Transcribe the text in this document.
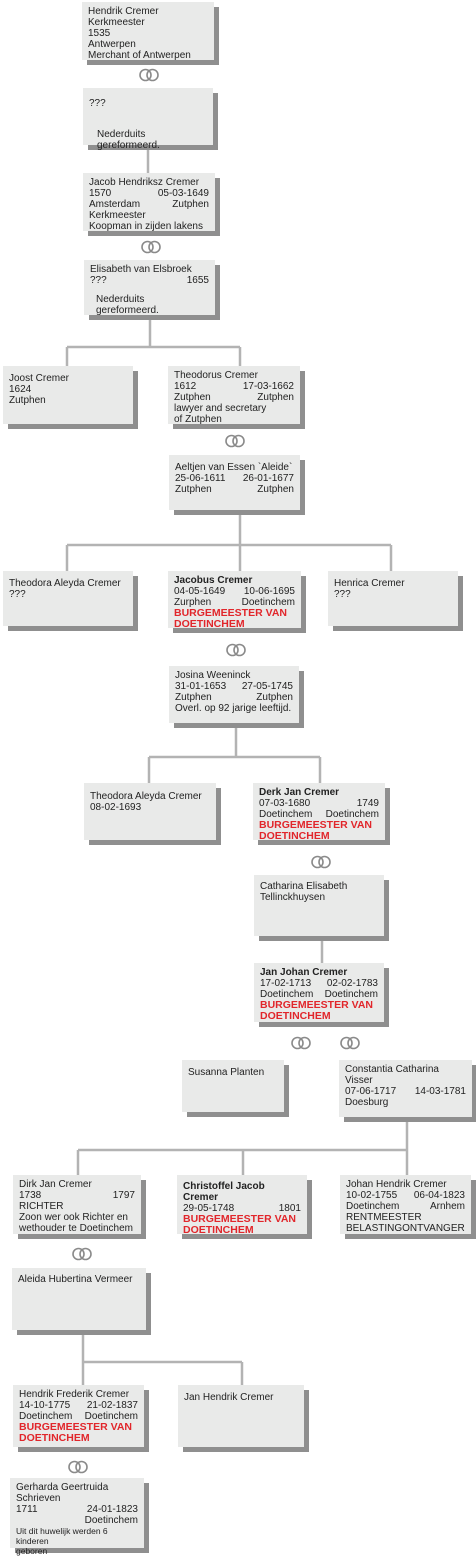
Hendrik Cremer Kerkmeester
1535
Antwerpen
Merchant of Antwerpen
???
Nederduits gereformeerd.
Jacob Hendriksz Cremer
1570	05-03-1649
Amsterdam	Zutphen
Kerkmeester
Koopman in zijden lakens
Elisabeth van Elsbroek
???	1655
Nederduits gereformeerd.
Joost Cremer
1624
Zutphen
Theodorus Cremer
1612	17-03-1662
Zutphen	Zutphen
lawyer and secretary
of Zutphen
Aeltjen van Essen `Aleide`
25-06-1611 26-01-1677
Zutphen	Zutphen
Theodora Aleyda Cremer
???
Jacobus Cremer
04-05-1649 10-06-1695
Zurphen	Doetinchem
BURGEMEESTER VAN
DOETINCHEM
Henrica Cremer
???
Josina Weeninck
31-01-1653 27-05-1745
Zutphen	Zutphen
Overl. op 92 jarige leeftijd.
Theodora Aleyda Cremer
08-02-1693
Derk Jan Cremer
07-03-1680	1749
Doetinchem Doetinchem
BURGEMEESTER VAN
DOETINCHEM
Catharina Elisabeth
Tellinckhuysen
Jan Johan Cremer
17-02-1713 02-02-1783
Doetinchem Doetinchem
BURGEMEESTER VAN
DOETINCHEM
Susanna Planten	Constantia Catharina Visser
07-06-1717 14-03-1781
Doesburg
Dirk Jan Cremer
1738	1797
RICHTER
Zoon wer ook Richter en
wethouder te Doetinchem
Christoffel Jacob Cremer
29-05-1748	1801
BURGEMEESTER VAN
DOETINCHEM
Johan Hendrik Cremer
10-02-1755 06-04-1823
Doetinchem	Arnhem
RENTMEESTER
BELASTINGONTVANGER
Aleida Hubertina Vermeer
Hendrik Frederik Cremer
14-10-1775 21-02-1837
Doetinchem Doetinchem
BURGEMEESTER VAN
DOETINCHEM
Jan Hendrik Cremer
Gerharda Geertruida
Schrieven
1711	24-01-1823
Doetinchem
Uit dit huwelijk werden 6 kinderen
geboren
